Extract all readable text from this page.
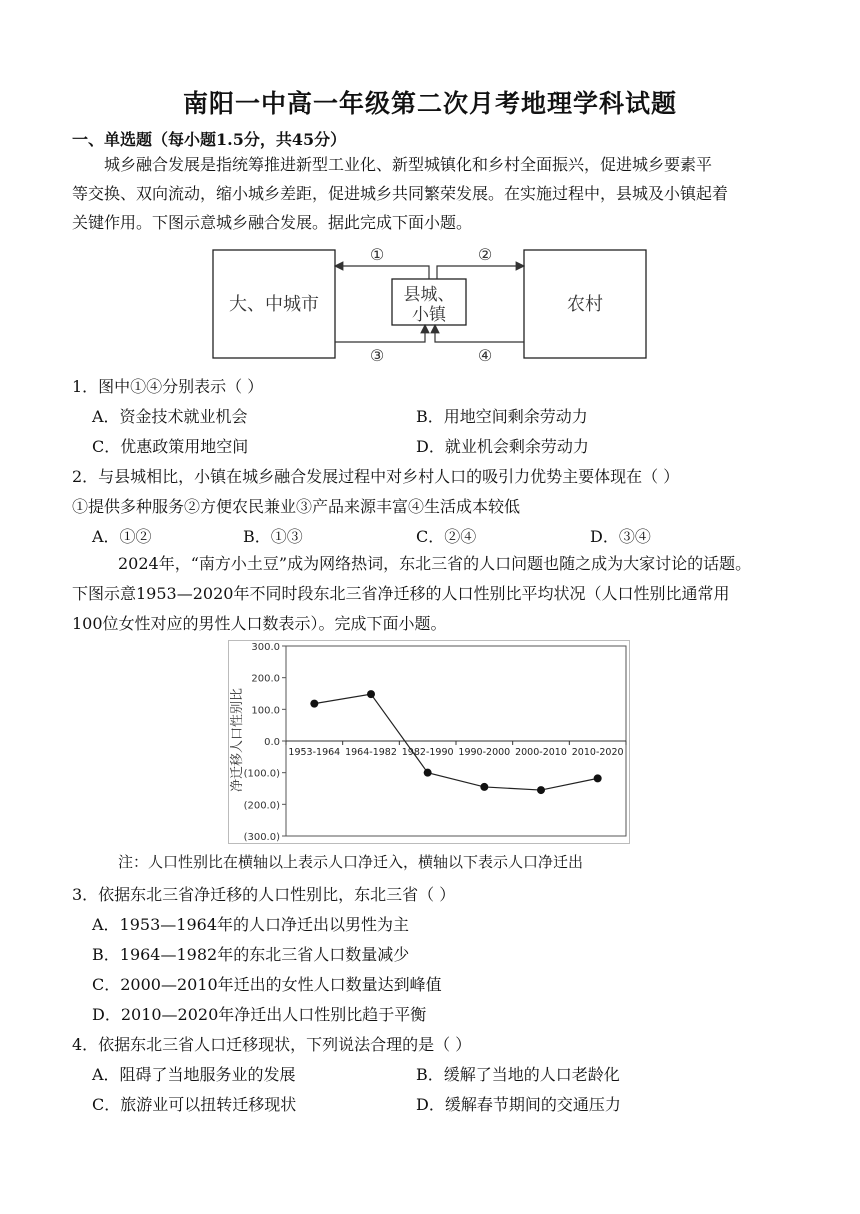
南阳一中高一年级第二次月考地理学科试题
一、单选题（每小题1.5分，共45分）
城乡融合发展是指统筹推进新型工业化、新型城镇化和乡村全面振兴，促进城乡要素平
等交换、双向流动，缩小城乡差距，促进城乡共同繁荣发展。在实施过程中，县城及小镇起着
关键作用。下图示意城乡融合发展。据此完成下面小题。
大、中城市	农村
县城、
小镇
①	②
③	④
1．图中①④分别表示（ ）
A．资金技术就业机会	B．用地空间剩余劳动力
C．优惠政策用地空间	D．就业机会剩余劳动力
2．与县城相比，小镇在城乡融合发展过程中对乡村人口的吸引力优势主要体现在（ ）
①提供多种服务②方便农民兼业③产品来源丰富④生活成本较低
A．①②	B．①③	C．②④	D．③④
2024年，“南方小土豆”成为网络热词，东北三省的人口问题也随之成为大家讨论的话题。
下图示意1953—2020年不同时段东北三省净迁移的人口性别比平均状况（人口性别比通常用
100位女性对应的男性人口数表示）。完成下面小题。
净迁移人口性别比
300.0
200.0
100.0
0.0
(100.0)
(200.0)
(300.0)
1953-1964 1964-1982 1982-1990 1990-2000 2000-2010 2010-2020
注：人口性别比在横轴以上表示人口净迁入，横轴以下表示人口净迁出
3．依据东北三省净迁移的人口性别比，东北三省（ ）
A．1953—1964年的人口净迁出以男性为主
B．1964—1982年的东北三省人口数量减少
C．2000—2010年迁出的女性人口数量达到峰值
D．2010—2020年净迁出人口性别比趋于平衡
4．依据东北三省人口迁移现状，下列说法合理的是（ ）
A．阻碍了当地服务业的发展	B．缓解了当地的人口老龄化
C．旅游业可以扭转迁移现状	D．缓解春节期间的交通压力
